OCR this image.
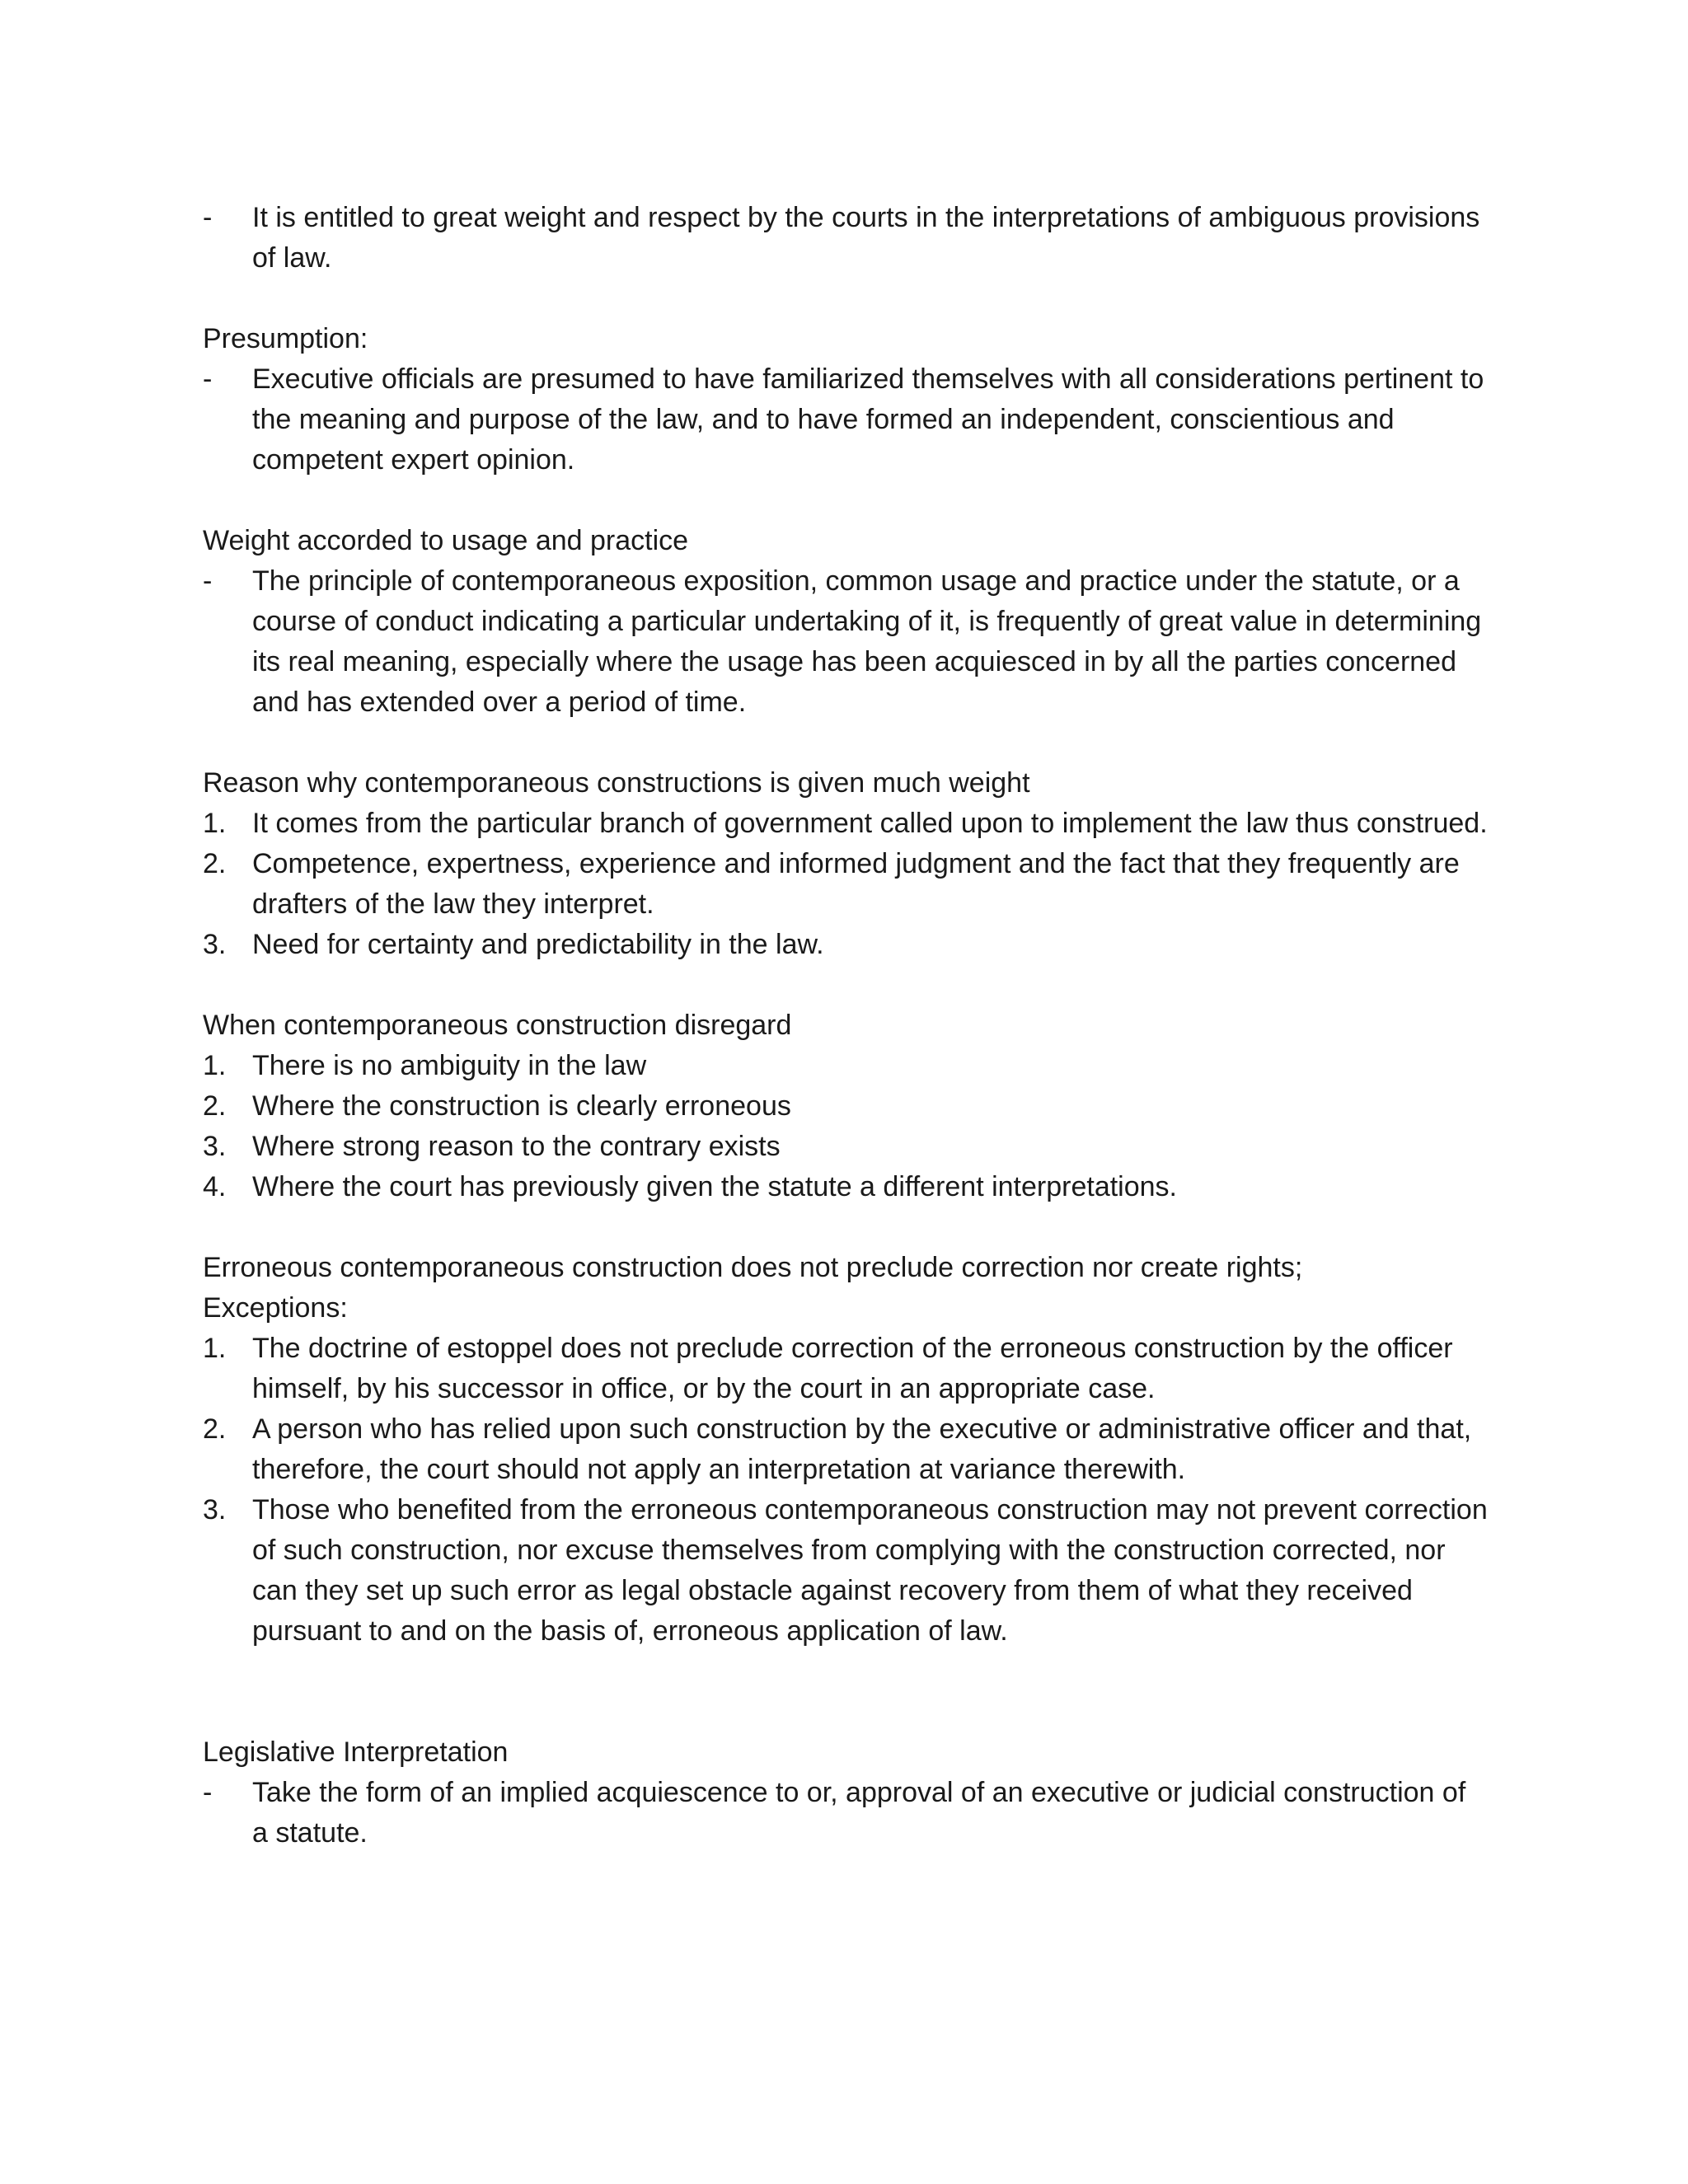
-	It is entitled to great weight and respect by the courts in the interpretations of ambiguous provisions of law.

Presumption:

-	Executive officials are presumed to have familiarized themselves with all considerations pertinent to the meaning and purpose of the law, and to have formed an independent, conscientious and competent expert opinion.

Weight accorded to usage and practice

-	The principle of contemporaneous exposition, common usage and practice under the statute, or a course of conduct indicating a particular undertaking of it, is frequently of great value in determining its real meaning, especially where the usage has been acquiesced in by all the parties concerned and has extended over a period of time.

Reason why contemporaneous constructions is given much weight

1. It comes from the particular branch of government called upon to implement the law thus construed.
2. Competence, expertness, experience and informed judgment and the fact that they frequently are drafters of the law they interpret.
3. Need for certainty and predictability in the law.

When contemporaneous construction disregard

1. There is no ambiguity in the law
2. Where the construction is clearly erroneous
3. Where strong reason to the contrary exists
4. Where the court has previously given the statute a different interpretations.

Erroneous contemporaneous construction does not preclude correction nor create rights;

Exceptions:

1. The doctrine of estoppel does not preclude correction of the erroneous construction by the officer himself, by his successor in office, or by the court in an appropriate case.
2. A person who has relied upon such construction by the executive or administrative officer and that, therefore, the court should not apply an interpretation at variance therewith.
3. Those who benefited from the erroneous contemporaneous construction may not prevent correction of such construction, nor excuse themselves from complying with the construction corrected, nor can they set up such error as legal obstacle against recovery from them of what they received pursuant to and on the basis of, erroneous application of law.

Legislative Interpretation

-	Take the form of an implied acquiescence to or, approval of an executive or judicial construction of a statute.
